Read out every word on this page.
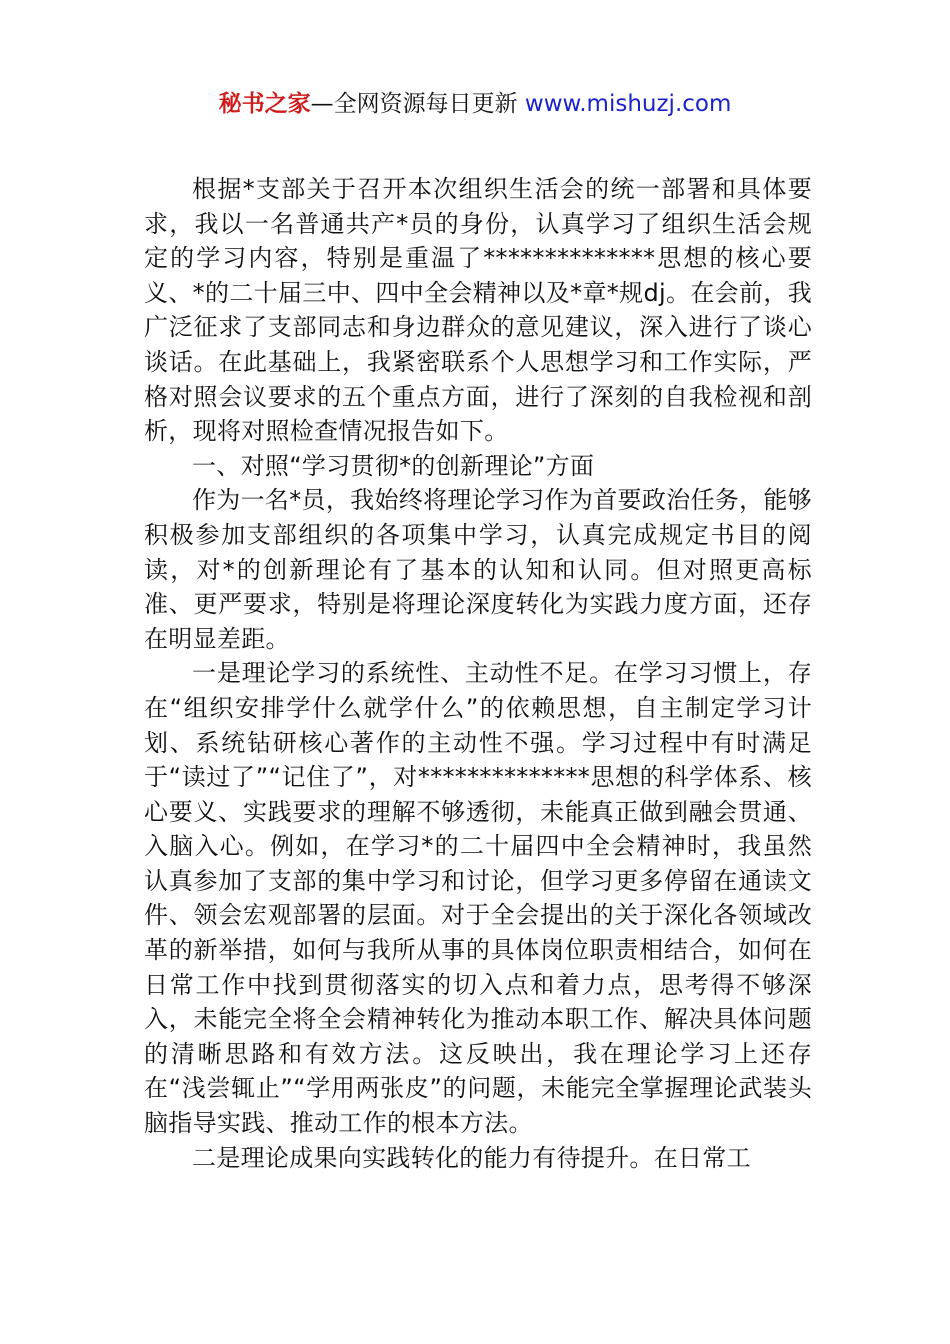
秘书之家—全网资源每日更新 www.mishuzj.com

根据*支部关于召开本次组织生活会的统一部署和具体要求，我以一名普通共产*员的身份，认真学习了组织生活会规定的学习内容，特别是重温了**************思想的核心要义、*的二十届三中、四中全会精神以及*章*规dj。在会前，我广泛征求了支部同志和身边群众的意见建议，深入进行了谈心谈话。在此基础上，我紧密联系个人思想学习和工作实际，严格对照会议要求的五个重点方面，进行了深刻的自我检视和剖析，现将对照检查情况报告如下。

一、对照“学习贯彻*的创新理论”方面

作为一名*员，我始终将理论学习作为首要政治任务，能够积极参加支部组织的各项集中学习，认真完成规定书目的阅读，对*的创新理论有了基本的认知和认同。但对照更高标准、更严要求，特别是将理论深度转化为实践力度方面，还存在明显差距。

一是理论学习的系统性、主动性不足。在学习习惯上，存在“组织安排学什么就学什么”的依赖思想，自主制定学习计划、系统钻研核心著作的主动性不强。学习过程中有时满足于“读过了”“记住了”，对**************思想的科学体系、核心要义、实践要求的理解不够透彻，未能真正做到融会贯通、入脑入心。例如，在学习*的二十届四中全会精神时，我虽然认真参加了支部的集中学习和讨论，但学习更多停留在通读文件、领会宏观部署的层面。对于全会提出的关于深化各领域改革的新举措，如何与我所从事的具体岗位职责相结合，如何在日常工作中找到贯彻落实的切入点和着力点，思考得不够深入，未能完全将全会精神转化为推动本职工作、解决具体问题的清晰思路和有效方法。这反映出，我在理论学习上还存在“浅尝辄止”“学用两张皮”的问题，未能完全掌握理论武装头脑指导实践、推动工作的根本方法。

二是理论成果向实践转化的能力有待提升。在日常工
